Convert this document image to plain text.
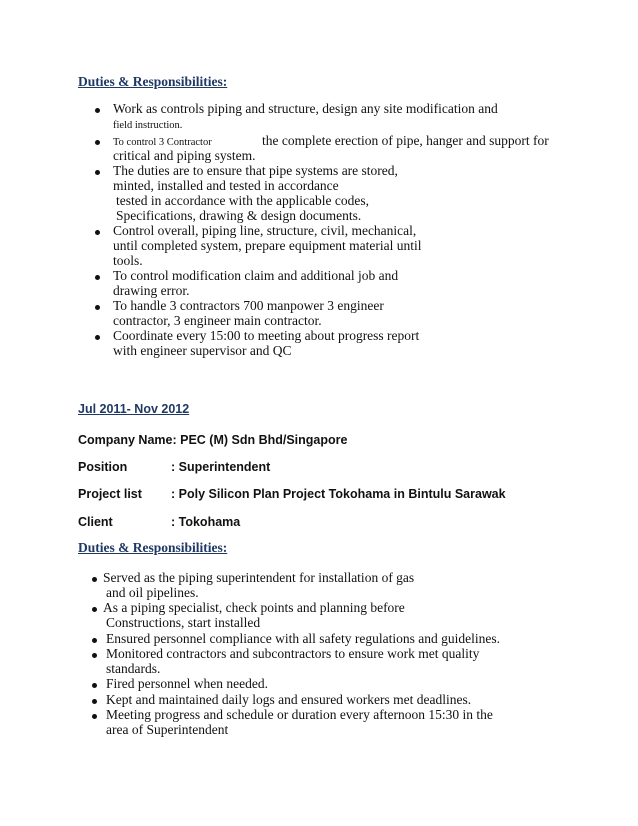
Duties & Responsibilities:
Work as controls piping and structure, design any site modification and
field instruction.
To control 3 Contractor	the complete erection of pipe, hanger and support for
critical and piping system.
The duties are to ensure that pipe systems are stored,
minted, installed and tested in accordance
tested in accordance with the applicable codes,
Specifications, drawing & design documents.
Control overall, piping line, structure, civil, mechanical,
until completed system, prepare equipment material until
tools.
To control modification claim and additional job and
drawing error.
To handle 3 contractors 700 manpower 3 engineer
contractor, 3 engineer main contractor.
Coordinate every 15:00 to meeting about progress report
with engineer supervisor and QC
Jul 2011- Nov 2012
Company Name: PEC (M) Sdn Bhd/Singapore
Position	: Superintendent
Project list : Poly Silicon Plan Project Tokohama in Bintulu Sarawak
Client	: Tokohama
Duties & Responsibilities:
Served as the piping superintendent for installation of gas
and oil pipelines.
As a piping specialist, check points and planning before
Constructions, start installed
Ensured personnel compliance with all safety regulations and guidelines.
Monitored contractors and subcontractors to ensure work met quality
standards.
Fired personnel when needed.
Kept and maintained daily logs and ensured workers met deadlines.
Meeting progress and schedule or duration every afternoon 15:30 in the
area of Superintendent
